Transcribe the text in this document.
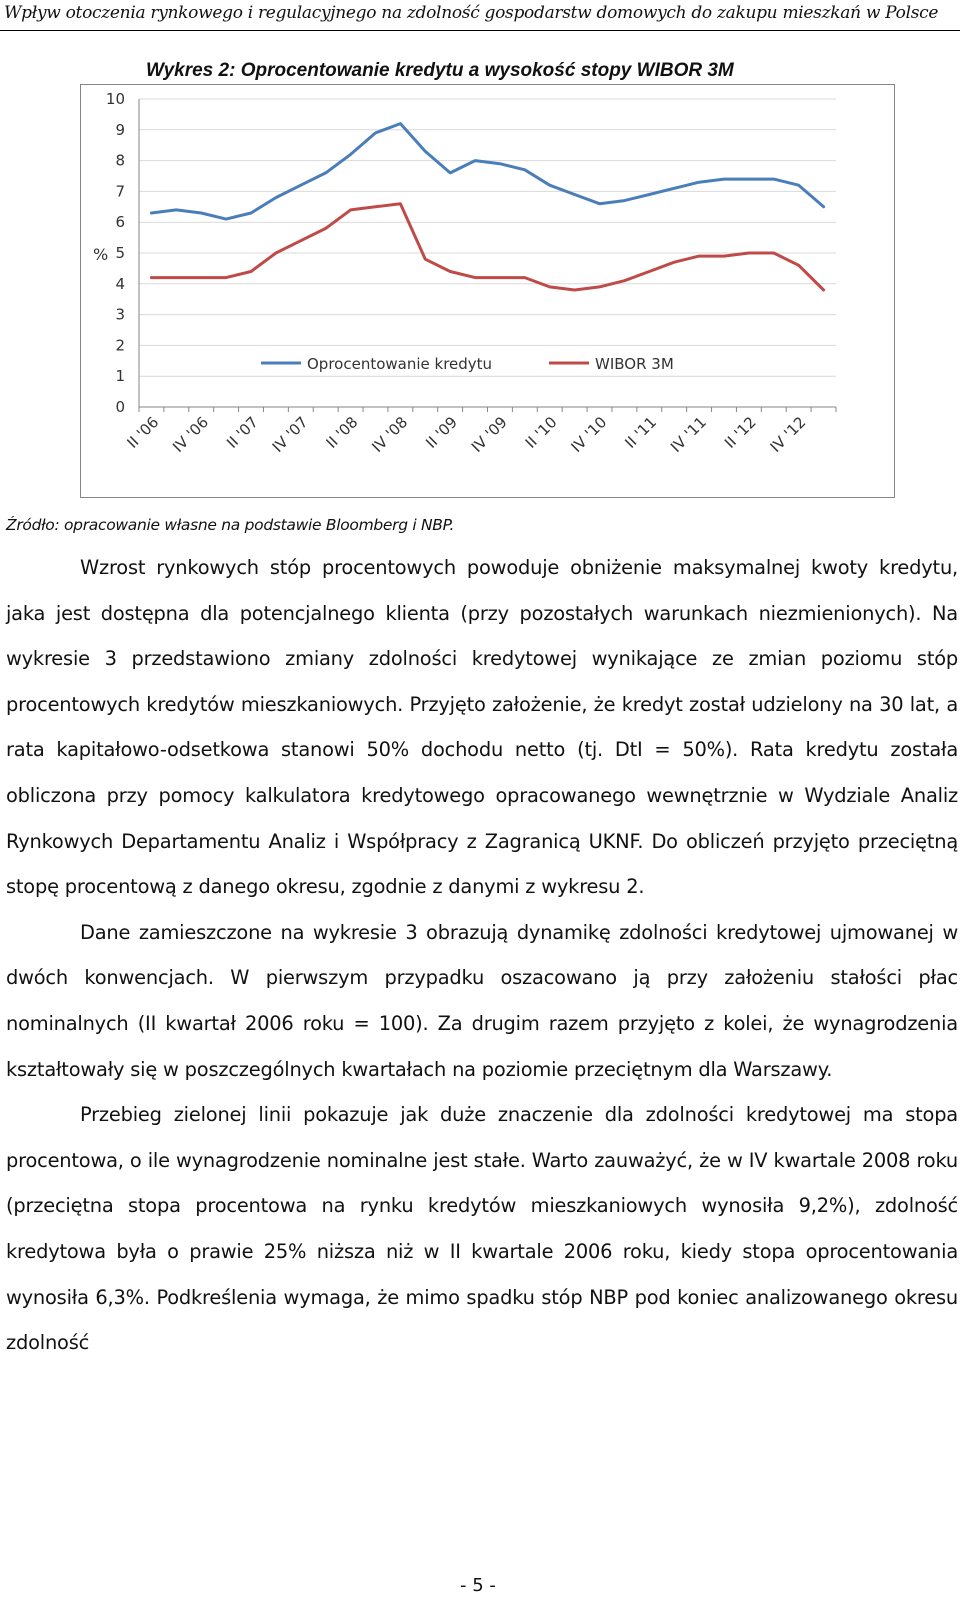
Wpływ otoczenia rynkowego i regulacyjnego na zdolność gospodarstw domowych do zakupu mieszkań w Polsce
Wykres 2: Oprocentowanie kredytu a wysokość stopy WIBOR 3M
0
1
2
3
4
5
6
7
8
9
10
%
II '06 IV '06 II '07 IV '07 II '08 IV '08 II '09 IV '09 II '10 IV '10 II '11 IV '11 II '12 IV '12
Oprocentowanie kredytu	WIBOR 3M
Źródło: opracowanie własne na podstawie Bloomberg i NBP.

Wzrost rynkowych stóp procentowych powoduje obniżenie maksymalnej kwoty kredytu, jaka jest dostępna dla potencjalnego klienta (przy pozostałych warunkach niezmienionych). Na wykresie 3 przedstawiono zmiany zdolności kredytowej wynikające ze zmian poziomu stóp procentowych kredytów mieszkaniowych. Przyjęto założenie, że kredyt został udzielony na 30 lat, a rata kapitałowo-odsetkowa stanowi 50% dochodu netto (tj. DtI = 50%). Rata kredytu została obliczona przy pomocy kalkulatora kredytowego opracowanego wewnętrznie w Wydziale Analiz Rynkowych Departamentu Analiz i Współpracy z Zagranicą UKNF. Do obliczeń przyjęto przeciętną stopę procentową z danego okresu, zgodnie z danymi z wykresu 2.

Dane zamieszczone na wykresie 3 obrazują dynamikę zdolności kredytowej ujmowanej w dwóch konwencjach. W pierwszym przypadku oszacowano ją przy założeniu stałości płac nominalnych (II kwartał 2006 roku = 100). Za drugim razem przyjęto z kolei, że wynagrodzenia kształtowały się w poszczególnych kwartałach na poziomie przeciętnym dla Warszawy.

Przebieg zielonej linii pokazuje jak duże znaczenie dla zdolności kredytowej ma stopa procentowa, o ile wynagrodzenie nominalne jest stałe. Warto zauważyć, że w IV kwartale 2008 roku (przeciętna stopa procentowa na rynku kredytów mieszkaniowych wynosiła 9,2%), zdolność kredytowa była o prawie 25% niższa niż w II kwartale 2006 roku, kiedy stopa oprocentowania wynosiła 6,3%. Podkreślenia wymaga, że mimo spadku stóp NBP pod koniec analizowanego okresu zdolność

- 5 -
